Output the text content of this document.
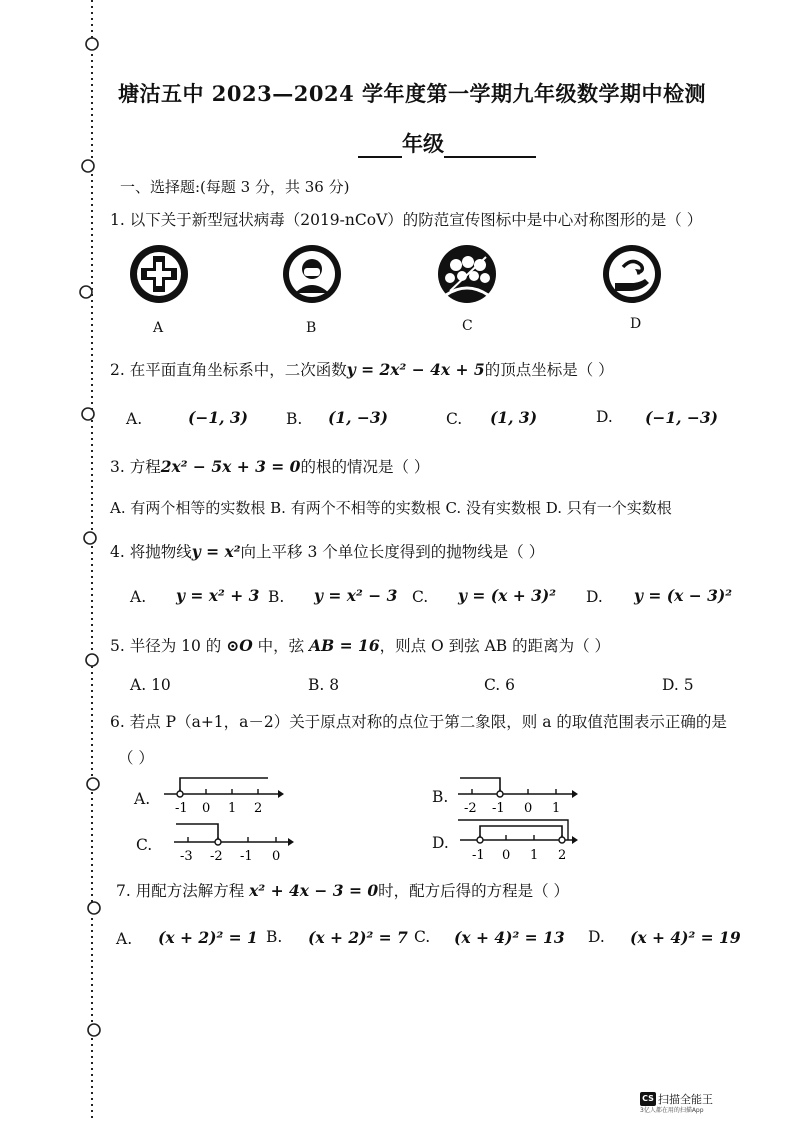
塘沽五中 2023—2024 学年度第一学期九年级数学期中检测
年级
一、选择题:(每题 3 分，共 36 分)
1. 以下关于新型冠状病毒（2019-nCoV）的防范宣传图标中是中心对称图形的是（ ）
A	B	C	D
2. 在平面直角坐标系中，二次函数y = 2x² − 4x + 5的顶点坐标是（ ）
A.	(−1, 3) B. (1, −3)	C. (1, 3)	D. (−1, −3)
3. 方程2x² − 5x + 3 = 0的根的情况是（ ）
A. 有两个相等的实数根 B. 有两个不相等的实数根 C. 没有实数根 D. 只有一个实数根
4. 将抛物线y = x²向上平移 3 个单位长度得到的抛物线是（ ）
A. y = x² + 3 B. y = x² − 3 C. y = (x + 3)² D. y = (x − 3)²
5. 半径为 10 的 ⊙O 中，弦 AB = 16，则点 O 到弦 AB 的距离为（ ）
A. 10	B. 8	C. 6	D. 5
6. 若点 P（a+1，a－2）关于原点对称的点位于第二象限，则 a 的取值范围表示正确的是
（ ）
A.
-1 0 1 2
B.
-2 -1 0 1
C.
-3 -2 -1 0
D.
-1 0 1 2
7. 用配方法解方程 x² + 4x − 3 = 0时，配方后得的方程是（ ）
A. (x + 2)² = 1 B. (x + 2)² = 7 C. (x + 4)² = 13 D. (x + 4)² = 19
CS 扫描全能王
3亿人都在用的扫描App
